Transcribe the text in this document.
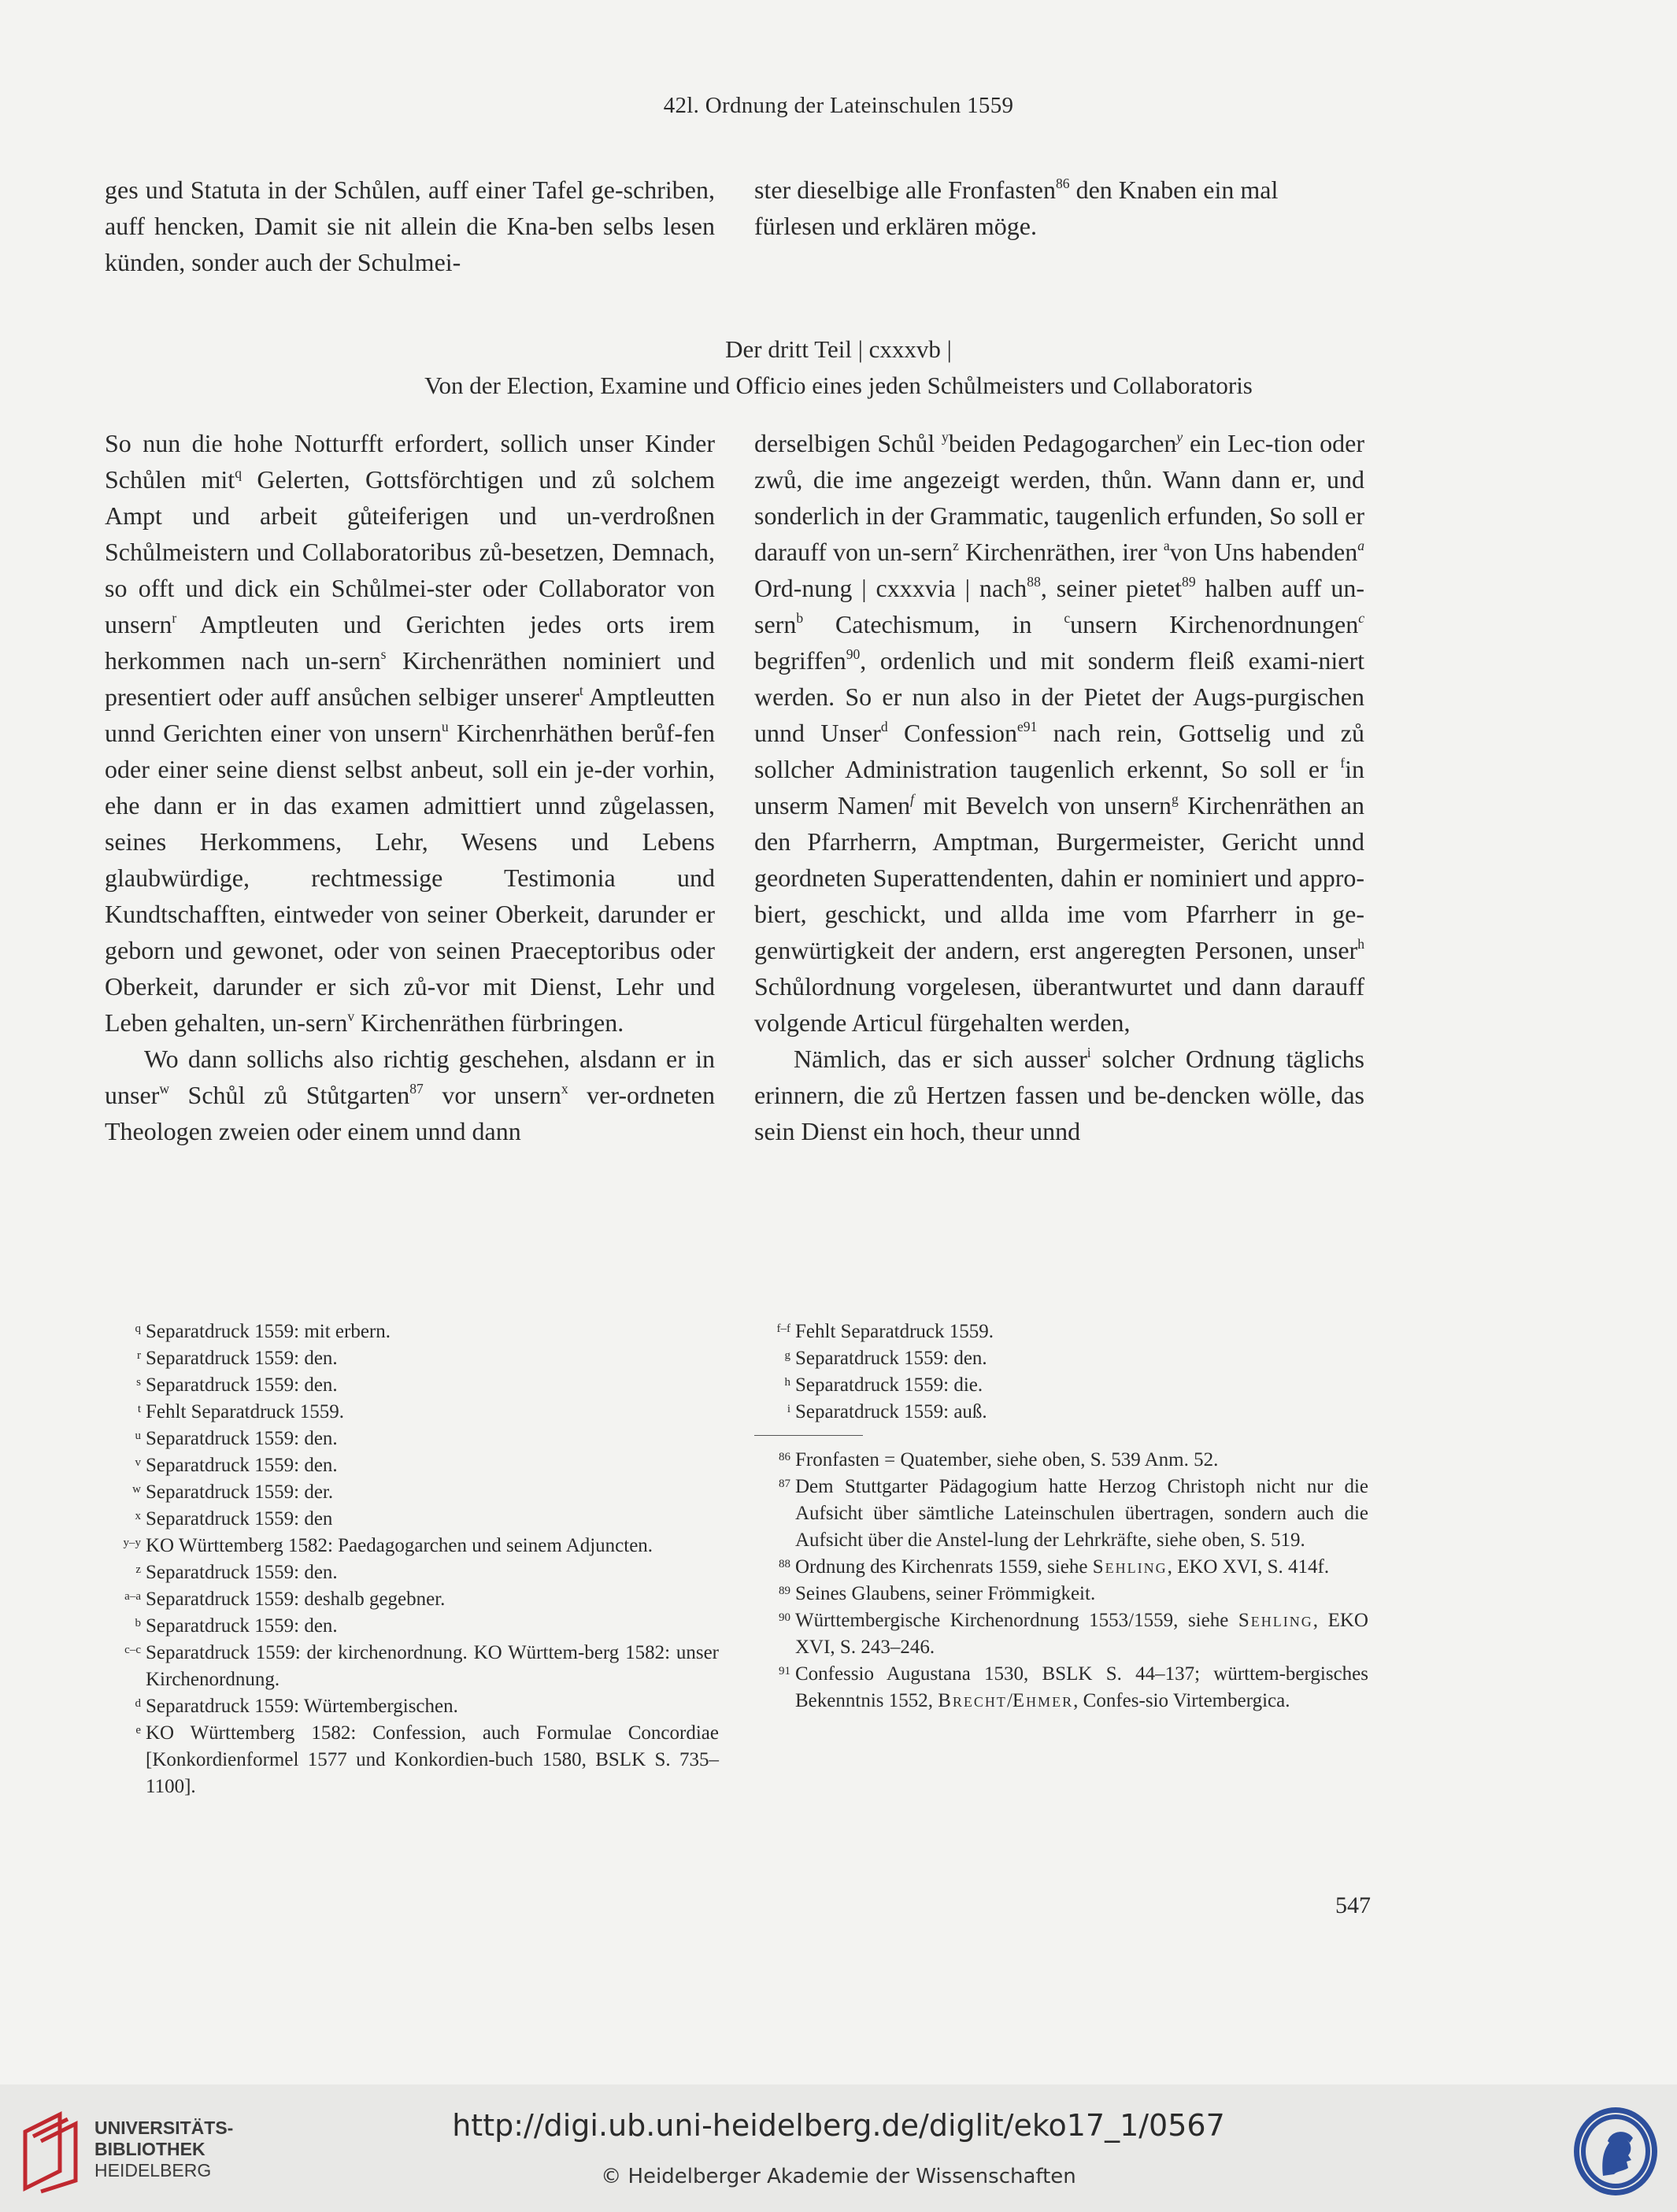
42l. Ordnung der Lateinschulen 1559

ges und Statuta in der Schůlen, auff einer Tafel ge-schriben, auff hencken, Damit sie nit allein die Kna-ben selbs lesen künden, sonder auch der Schulmei-

ster dieselbige alle Fronfasten$^{86}$ den Knaben ein mal fürlesen und erklären möge.

Der dritt Teil | cxxxvb |
Von der Election, Examine und Officio eines jeden Schůlmeisters und Collaboratoris

So nun die hohe Notturfft erfordert, sollich unser Kinder Schůlen mit$^q$ Gelerten, Gottsförchtigen und zů solchem Ampt und arbeit gůteiferigen und un-verdroßnen Schůlmeistern und Collaboratoribus zů-besetzen, Demnach, so offt und dick ein Schůlmei-ster oder Collaborator von unsern$^r$ Amptleuten und Gerichten jedes orts irem herkommen nach un-sern$^s$ Kirchenräthen nominiert und presentiert oder auff ansůchen selbiger unserer$^t$ Amptleutten unnd Gerichten einer von unsern$^u$ Kirchenrhäthen berůf-fen oder einer seine dienst selbst anbeut, soll ein je-der vorhin, ehe dann er in das examen admittiert unnd zůgelassen, seines Herkommens, Lehr, Wesens und Lebens glaubwürdige, rechtmessige Testimonia und Kundtschafften, eintweder von seiner Oberkeit, darunder er geborn und gewonet, oder von seinen Praeceptoribus oder Oberkeit, darunder er sich zů-vor mit Dienst, Lehr und Leben gehalten, un-sern$^v$ Kirchenräthen fürbringen.

Wo dann sollichs also richtig geschehen, alsdann er in unser$^w$ Schůl zů Stůtgarten$^{87}$ vor unsern$^x$ ver-ordneten Theologen zweien oder einem unnd dann

derselbigen Schůl $^y$beiden Pedagogarchen$^y$ ein Lec-tion oder zwů, die ime angezeigt werden, thůn. Wann dann er, und sonderlich in der Grammatic, taugenlich erfunden, So soll er darauff von un-sern$^z$ Kirchenräthen, irer $^a$von Uns habenden$^a$ Ord-nung | cxxxvia | nach$^{88}$, seiner pietet$^{89}$ halben auff un-sern$^b$ Catechismum, in $^c$unsern Kirchenordnungen$^c$ begriffen$^{90}$, ordenlich und mit sonderm fleiß exami-niert werden. So er nun also in der Pietet der Augs-purgischen unnd Unser$^d$ Confession$^{e91}$ nach rein, Gottselig und zů sollcher Administration taugenlich erkennt, So soll er $^f$in unserm Namen$^f$ mit Bevelch von unsern$^g$ Kirchenräthen an den Pfarrherrn, Amptman, Burgermeister, Gericht unnd geordneten Superattendenten, dahin er nominiert und appro-biert, geschickt, und allda ime vom Pfarrherr in ge-genwürtigkeit der andern, erst angeregten Personen, unser$^h$ Schůlordnung vorgelesen, überantwurtet und dann darauff volgende Articul fürgehalten werden,

Nämlich, das er sich ausser$^i$ solcher Ordnung täglichs erinnern, die zů Hertzen fassen und be-dencken wölle, das sein Dienst ein hoch, theur unnd

q Separatdruck 1559: mit erbern.
r Separatdruck 1559: den.
s Separatdruck 1559: den.
t Fehlt Separatdruck 1559.
u Separatdruck 1559: den.
v Separatdruck 1559: den.
w Separatdruck 1559: der.
x Separatdruck 1559: den
y–y KO Württemberg 1582: Paedagogarchen und seinem Adjuncten.
z Separatdruck 1559: den.
a–a Separatdruck 1559: deshalb gegebner.
b Separatdruck 1559: den.
c–c Separatdruck 1559: der kirchenordnung. KO Württem-berg 1582: unser Kirchenordnung.
d Separatdruck 1559: Würtembergischen.
e KO Württemberg 1582: Confession, auch Formulae Concordiae [Konkordienformel 1577 und Konkordien-buch 1580, BSLK S. 735–1100].
f–f Fehlt Separatdruck 1559.
g Separatdruck 1559: den.
h Separatdruck 1559: die.
i Separatdruck 1559: auß.
86 Fronfasten = Quatember, siehe oben, S. 539 Anm. 52.
87 Dem Stuttgarter Pädagogium hatte Herzog Christoph nicht nur die Aufsicht über sämtliche Lateinschulen übertragen, sondern auch die Aufsicht über die Anstel-lung der Lehrkräfte, siehe oben, S. 519.
88 Ordnung des Kirchenrats 1559, siehe Sehling, EKO XVI, S. 414f.
89 Seines Glaubens, seiner Frömmigkeit.
90 Württembergische Kirchenordnung 1553/1559, siehe Sehling, EKO XVI, S. 243–246.
91 Confessio Augustana 1530, BSLK S. 44–137; württem-bergisches Bekenntnis 1552, Brecht/Ehmer, Confes-sio Virtembergica.
547
UNIVERSITÄTS-
BIBLIOTHEK
HEIDELBERG
http://digi.ub.uni-heidelberg.de/diglit/eko17_1/0567
© Heidelberger Akademie der Wissenschaften
